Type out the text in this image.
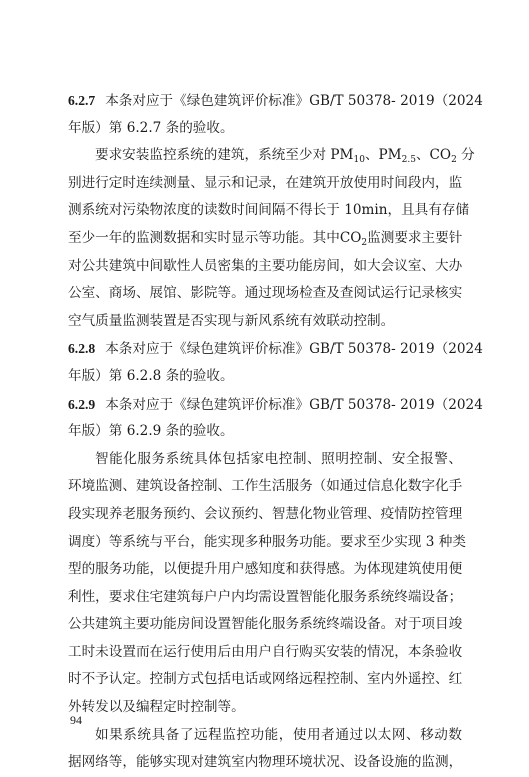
6.2.7 本条对应于《绿色建筑评价标准》GB/T 50378- 2019（2024
年版）第 6.2.7 条的验收。
要求安装监控系统的建筑，系统至少对 $PM_{10}$、$PM_{2.5}$、$CO_2$ 分
别进行定时连续测量、显示和记录，在建筑开放使用时间段内，监
测系统对污染物浓度的读数时间间隔不得长于 10min，且具有存储
至少一年的监测数据和实时显示等功能。其中$CO_2$监测要求主要针
对公共建筑中间歇性人员密集的主要功能房间，如大会议室、大办
公室、商场、展馆、影院等。通过现场检查及查阅试运行记录核实
空气质量监测装置是否实现与新风系统有效联动控制。
6.2.8 本条对应于《绿色建筑评价标准》GB/T 50378- 2019（2024
年版）第 6.2.8 条的验收。
6.2.9 本条对应于《绿色建筑评价标准》GB/T 50378- 2019（2024
年版）第 6.2.9 条的验收。
智能化服务系统具体包括家电控制、照明控制、安全报警、
环境监测、建筑设备控制、工作生活服务（如通过信息化数字化手
段实现养老服务预约、会议预约、智慧化物业管理、疫情防控管理
调度）等系统与平台，能实现多种服务功能。要求至少实现 3 种类
型的服务功能，以便提升用户感知度和获得感。为体现建筑使用便
利性，要求住宅建筑每户户内均需设置智能化服务系统终端设备；
公共建筑主要功能房间设置智能化服务系统终端设备。对于项目竣
工时未设置而在运行使用后由用户自行购买安装的情况，本条验收
时不予认定。控制方式包括电话或网络远程控制、室内外遥控、红
外转发以及编程定时控制等。
如果系统具备了远程监控功能，使用者通过以太网、移动数
据网络等，能够实现对建筑室内物理环境状况、设备设施的监测，
94
